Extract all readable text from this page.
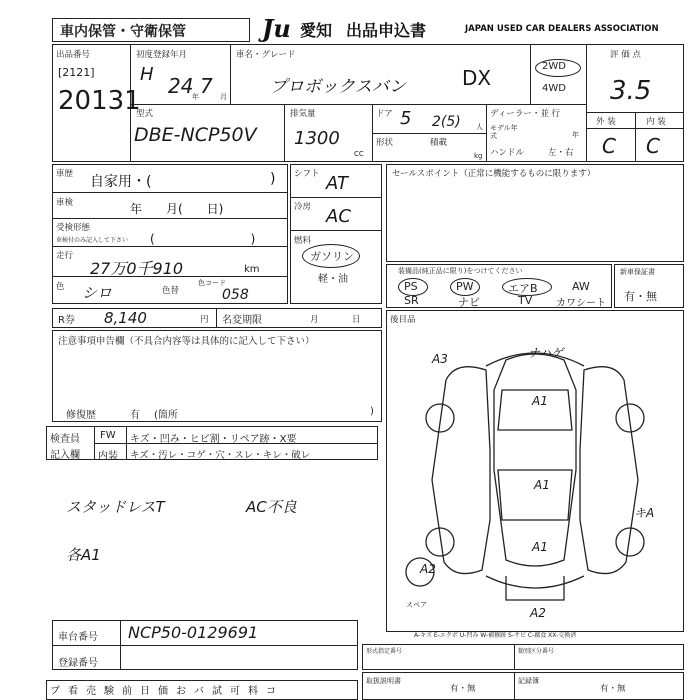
車内保管・守衛保管	Ju 愛知 出品申込書	JAPAN USED CAR DEALERS ASSOCIATION
出品番号
[2121]
20131
初度登録年月
H 24
年 7 月
車名・グレード
プロボックスバン	DX	2WD
4WD
評 価 点
3.5
外 装	内 装
C C
型式
DBE-NCP50V
排気量
1300
CC
ドア 5 2(5) 人
形状	積載
kg
ディーラー・並 行
モデル年式	年
ハンドル	左・右
車歴 自家用・(	)
車検	年　　月(　　日)
受検形態
車検付のみ記入して下さい (　　　　　　　　)
走行
27万0千910	km
色 シロ	色替
色コード
058
シフト AT
冷房 AC
燃料
ガソリン
軽・油
セールスポイント（正常に機能するものに限ります）
装備品(純正品に限り)をつけてください
PS	PW	エアB	AW
SR	ナビ	TV カワシート
新車保証書
有・無
R券 8,140	円 名変期限	月	日
注意事項申告欄（不具合内容等は具体的に記入して下さい）
修復歴	有 (箇所	)
検査員
記入欄
FW キズ・凹み・ヒビ割・リペア跡・X要
内装 キズ・汚レ・コゲ・穴・スレ・キレ・破レ
スタッドレスT	AC不良
各A1
後目品
A3	ナハゲ
A1
A1
A1
A2
A2
キA
スペア
A-キズ E-エクボ U-凹み W-補修跡 S-サビ C-腐食 XX-交換済
車台番号 NCP50-0129691
登録番号
形式指定番号	類別区分番号
ブ 看 売 験 前 日 価 お バ 試 可 料 コ
取扱説明書
有・無
記録簿
有・無
